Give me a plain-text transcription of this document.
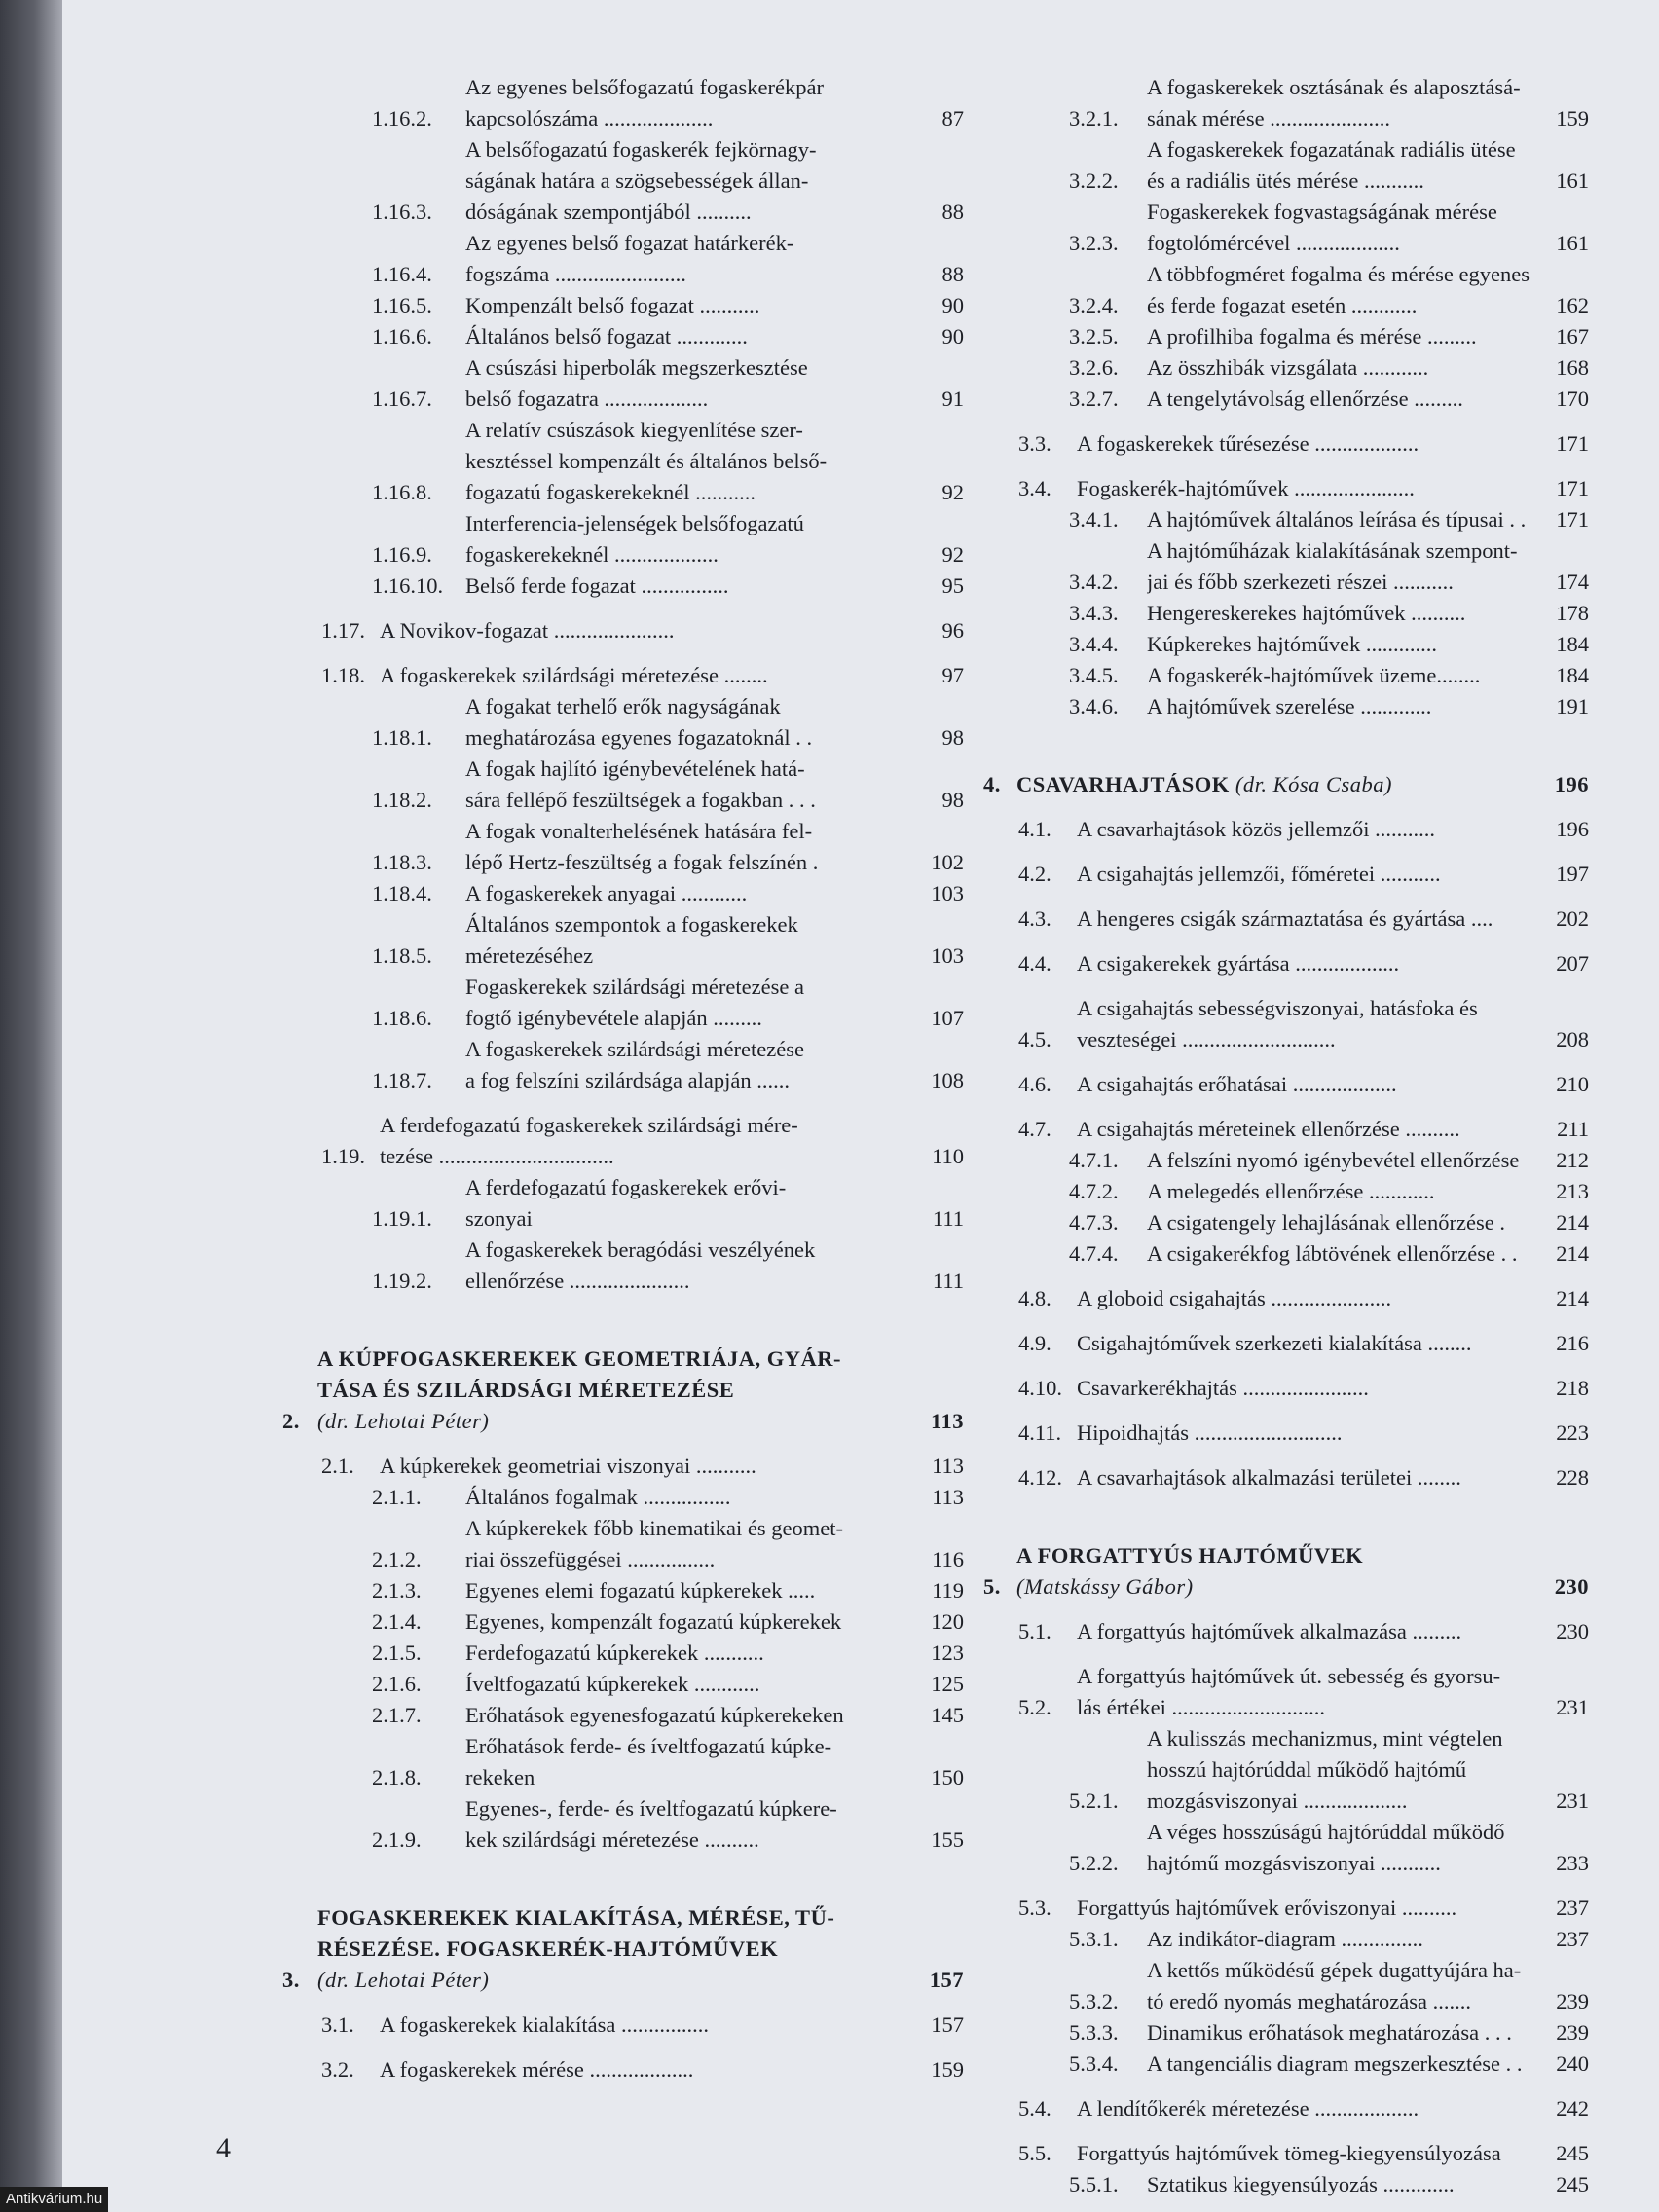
1.16.2.
Az egyenes belsőfogazatú fogaskerékpár
kapcsolószáma ....................	87
1.16.3.
A belsőfogazatú fogaskerék fejkörnagy-
ságának határa a szögsebességek állan-
dóságának szempontjából ..........	88
1.16.4.
Az egyenes belső fogazat határkerék-
fogszáma ........................	88
1.16.5.	Kompenzált belső fogazat ...........	90
1.16.6.	Általános belső fogazat .............	90
1.16.7.
A csúszási hiperbolák megszerkesztése
belső fogazatra ...................	91
1.16.8.
A relatív csúszások kiegyenlítése szer-
kesztéssel kompenzált és általános belső-
fogazatú fogaskerekeknél ...........	92
1.16.9.
Interferencia-jelenségek belsőfogazatú
fogaskerekeknél ...................	92
1.16.10.	Belső ferde fogazat ................	95
1.17. A Novikov-fogazat ......................	96
1.18. A fogaskerekek szilárdsági méretezése ........	97
1.18.1.
A fogakat terhelő erők nagyságának
meghatározása egyenes fogazatoknál . .	98
1.18.2.
A fogak hajlító igénybevételének hatá-
sára fellépő feszültségek a fogakban . . .	98
1.18.3.
A fogak vonalterhelésének hatására fel-
lépő Hertz-feszültség a fogak felszínén .	102
1.18.4.	A fogaskerekek anyagai ............	103
1.18.5.
Általános szempontok a fogaskerekek
méretezéséhez	103
1.18.6.
Fogaskerekek szilárdsági méretezése a
fogtő igénybevétele alapján .........	107
1.18.7.
A fogaskerekek szilárdsági méretezése
a fog felszíni szilárdsága alapján ......	108
1.19.
A ferdefogazatú fogaskerekek szilárdsági mére-
tezése ................................	110
1.19.1.
A ferdefogazatú fogaskerekek erővi-
szonyai	111
1.19.2.
A fogaskerekek beragódási veszélyének
ellenőrzése ......................	111
2.
A KÚPFOGASKEREKEK GEOMETRIÁJA, GYÁR-
TÁSA ÉS SZILÁRDSÁGI MÉRETEZÉSE
(dr. Lehotai Péter)	113
2.1.	A kúpkerekek geometriai viszonyai ...........	113
2.1.1.	Általános fogalmak ................	113
2.1.2.
A kúpkerekek főbb kinematikai és geomet-
riai összefüggései ................	116
2.1.3.	Egyenes elemi fogazatú kúpkerekek .....	119
2.1.4.	Egyenes, kompenzált fogazatú kúpkerekek	120
2.1.5.	Ferdefogazatú kúpkerekek ...........	123
2.1.6.	Íveltfogazatú kúpkerekek ............	125
2.1.7.	Erőhatások egyenesfogazatú kúpkerekeken	145
2.1.8.
Erőhatások ferde- és íveltfogazatú kúpke-
rekeken	150
2.1.9.
Egyenes-, ferde- és íveltfogazatú kúpkere-
kek szilárdsági méretezése ..........	155
3.
FOGASKEREKEK KIALAKÍTÁSA, MÉRÉSE, TŰ-
RÉSEZÉSE. FOGASKERÉK-HAJTÓMŰVEK
(dr. Lehotai Péter)	157
3.1.	A fogaskerekek kialakítása ................	157
3.2.	A fogaskerekek mérése ...................	159
3.2.1.
A fogaskerekek osztásának és alaposztásá-
sának mérése ......................	159
3.2.2.
A fogaskerekek fogazatának radiális ütése
és a radiális ütés mérése ...........	161
3.2.3.
Fogaskerekek fogvastagságának mérése
fogtolómércével ...................	161
3.2.4.
A többfogméret fogalma és mérése egyenes
és ferde fogazat esetén ............	162
3.2.5.	A profilhiba fogalma és mérése .........	167
3.2.6.	Az összhibák vizsgálata ............	168
3.2.7.	A tengelytávolság ellenőrzése .........	170
3.3.	A fogaskerekek tűrésezése ...................	171
3.4.	Fogaskerék-hajtóművek ......................	171
3.4.1.	A hajtóművek általános leírása és típusai . .	171
3.4.2.
A hajtóműházak kialakításának szempont-
jai és főbb szerkezeti részei ...........	174
3.4.3.	Hengereskerekes hajtóművek ..........	178
3.4.4.	Kúpkerekes hajtóművek .............	184
3.4.5.	A fogaskerék-hajtóművek üzeme........	184
3.4.6.	A hajtóművek szerelése .............	191
4. CSAVARHAJTÁSOK (dr. Kósa Csaba)	196
4.1.	A csavarhajtások közös jellemzői ...........	196
4.2.	A csigahajtás jellemzői, főméretei ...........	197
4.3.	A hengeres csigák származtatása és gyártása ....	202
4.4.	A csigakerekek gyártása ...................	207
4.5.
A csigahajtás sebességviszonyai, hatásfoka és
veszteségei ............................	208
4.6.	A csigahajtás erőhatásai ...................	210
4.7.	A csigahajtás méreteinek ellenőrzése ..........	211
4.7.1.	A felszíni nyomó igénybevétel ellenőrzése	212
4.7.2.	A melegedés ellenőrzése ............	213
4.7.3.	A csigatengely lehajlásának ellenőrzése .	214
4.7.4.	A csigakerékfog lábtövének ellenőrzése . .	214
4.8.	A globoid csigahajtás ......................	214
4.9.	Csigahajtóművek szerkezeti kialakítása ........	216
4.10. Csavarkerékhajtás .......................	218
4.11. Hipoidhajtás ...........................	223
4.12. A csavarhajtások alkalmazási területei ........	228
5.
A FORGATTYÚS HAJTÓMŰVEK
(Matskássy Gábor)	230
5.1.	A forgattyús hajtóművek alkalmazása .........	230
5.2.
A forgattyús hajtóművek út. sebesség és gyorsu-
lás értékei ............................	231
5.2.1.
A kulisszás mechanizmus, mint végtelen
hosszú hajtórúddal működő hajtómű
mozgásviszonyai ...................	231
5.2.2.
A véges hosszúságú hajtórúddal működő
hajtómű mozgásviszonyai ...........	233
5.3.	Forgattyús hajtóművek erőviszonyai ..........	237
5.3.1.	Az indikátor-diagram ...............	237
5.3.2.
A kettős működésű gépek dugattyújára ha-
tó eredő nyomás meghatározása .......	239
5.3.3.	Dinamikus erőhatások meghatározása . . .	239
5.3.4.	A tangenciális diagram megszerkesztése . .	240
5.4.	A lendítőkerék méretezése ...................	242
5.5.	Forgattyús hajtóművek tömeg-kiegyensúlyozása	245
5.5.1.	Sztatikus kiegyensúlyozás .............	245
4
Antikvárium.hu
